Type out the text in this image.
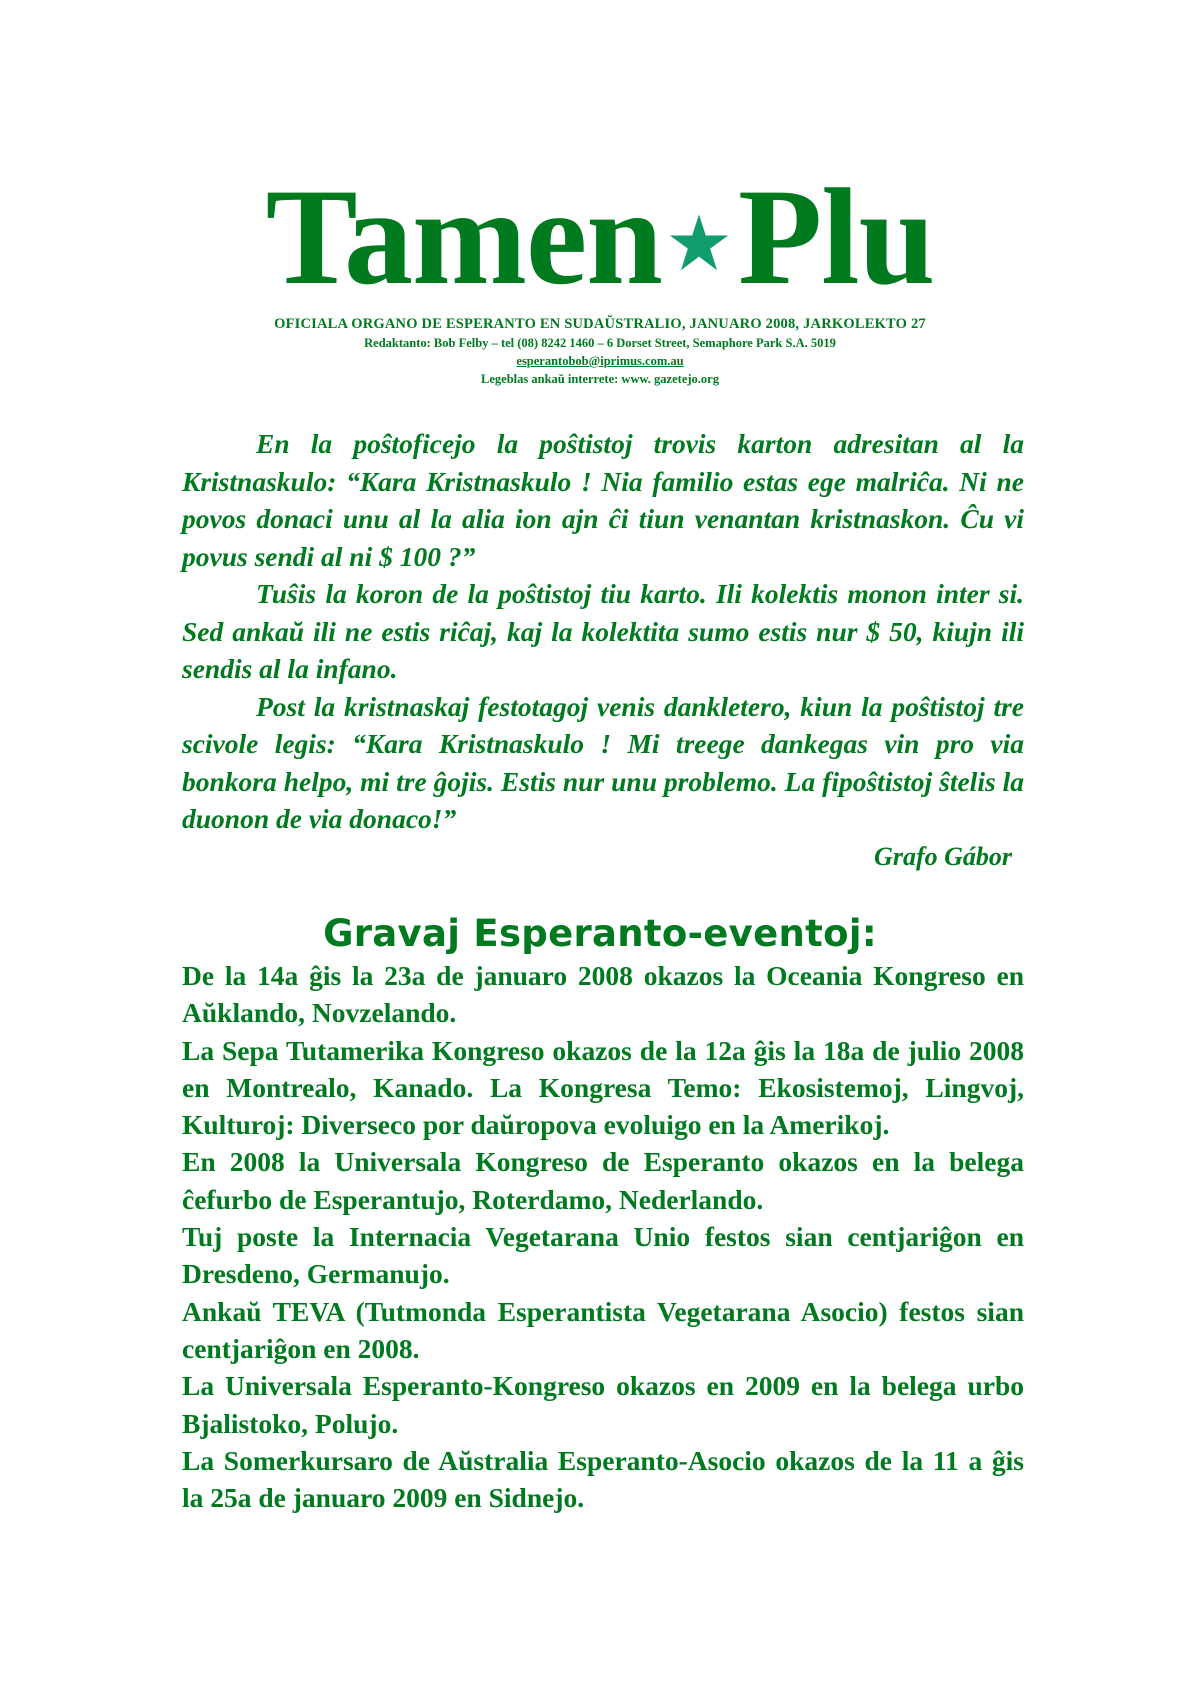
Tamen Plu
OFICIALA ORGANO DE ESPERANTO EN SUDAŬSTRALIO, JANUARO 2008, JARKOLEKTO 27
Redaktanto: Bob Felby – tel (08) 8242 1460 – 6 Dorset Street, Semaphore Park S.A. 5019
esperantobob@iprimus.com.au
Legeblas ankaŭ interrete: www. gazetejo.org

En la poŝtoficejo la poŝtistoj trovis karton adresitan al la Kristnaskulo: “Kara Kristnaskulo ! Nia familio estas ege malriĉa. Ni ne povos donaci unu al la alia ion ajn ĉi tiun venantan kristnaskon. Ĉu vi povus sendi al ni $ 100 ?”

Tuŝis la koron de la poŝtistoj tiu karto. Ili kolektis monon inter si. Sed ankaŭ ili ne estis riĉaj, kaj la kolektita sumo estis nur $ 50, kiujn ili sendis al la infano.

Post la kristnaskaj festotagoj venis dankletero, kiun la poŝtistoj tre scivole legis: “Kara Kristnaskulo ! Mi treege dankegas vin pro via bonkora helpo, mi tre ĝojis. Estis nur unu problemo. La fipoŝtistoj ŝtelis la duonon de via donaco!”

Grafo Gábor

Gravaj Esperanto-eventoj:

De la 14a ĝis la 23a de januaro 2008 okazos la Oceania Kongreso en Aŭklando, Novzelando.

La Sepa Tutamerika Kongreso okazos de la 12a ĝis la 18a de julio 2008 en Montrealo, Kanado. La Kongresa Temo: Ekosistemoj, Lingvoj, Kulturoj: Diverseco por daŭropova evoluigo en la Amerikoj.

En 2008 la Universala Kongreso de Esperanto okazos en la belega ĉefurbo de Esperantujo, Roterdamo, Nederlando.

Tuj poste la Internacia Vegetarana Unio festos sian centjariĝon en Dresdeno, Germanujo.

Ankaŭ TEVA (Tutmonda Esperantista Vegetarana Asocio) festos sian centjariĝon en 2008.

La Universala Esperanto-Kongreso okazos en 2009 en la belega urbo Bjalistoko, Polujo.

La Somerkursaro de Aŭstralia Esperanto-Asocio okazos de la 11 a ĝis la 25a de januaro 2009 en Sidnejo.
